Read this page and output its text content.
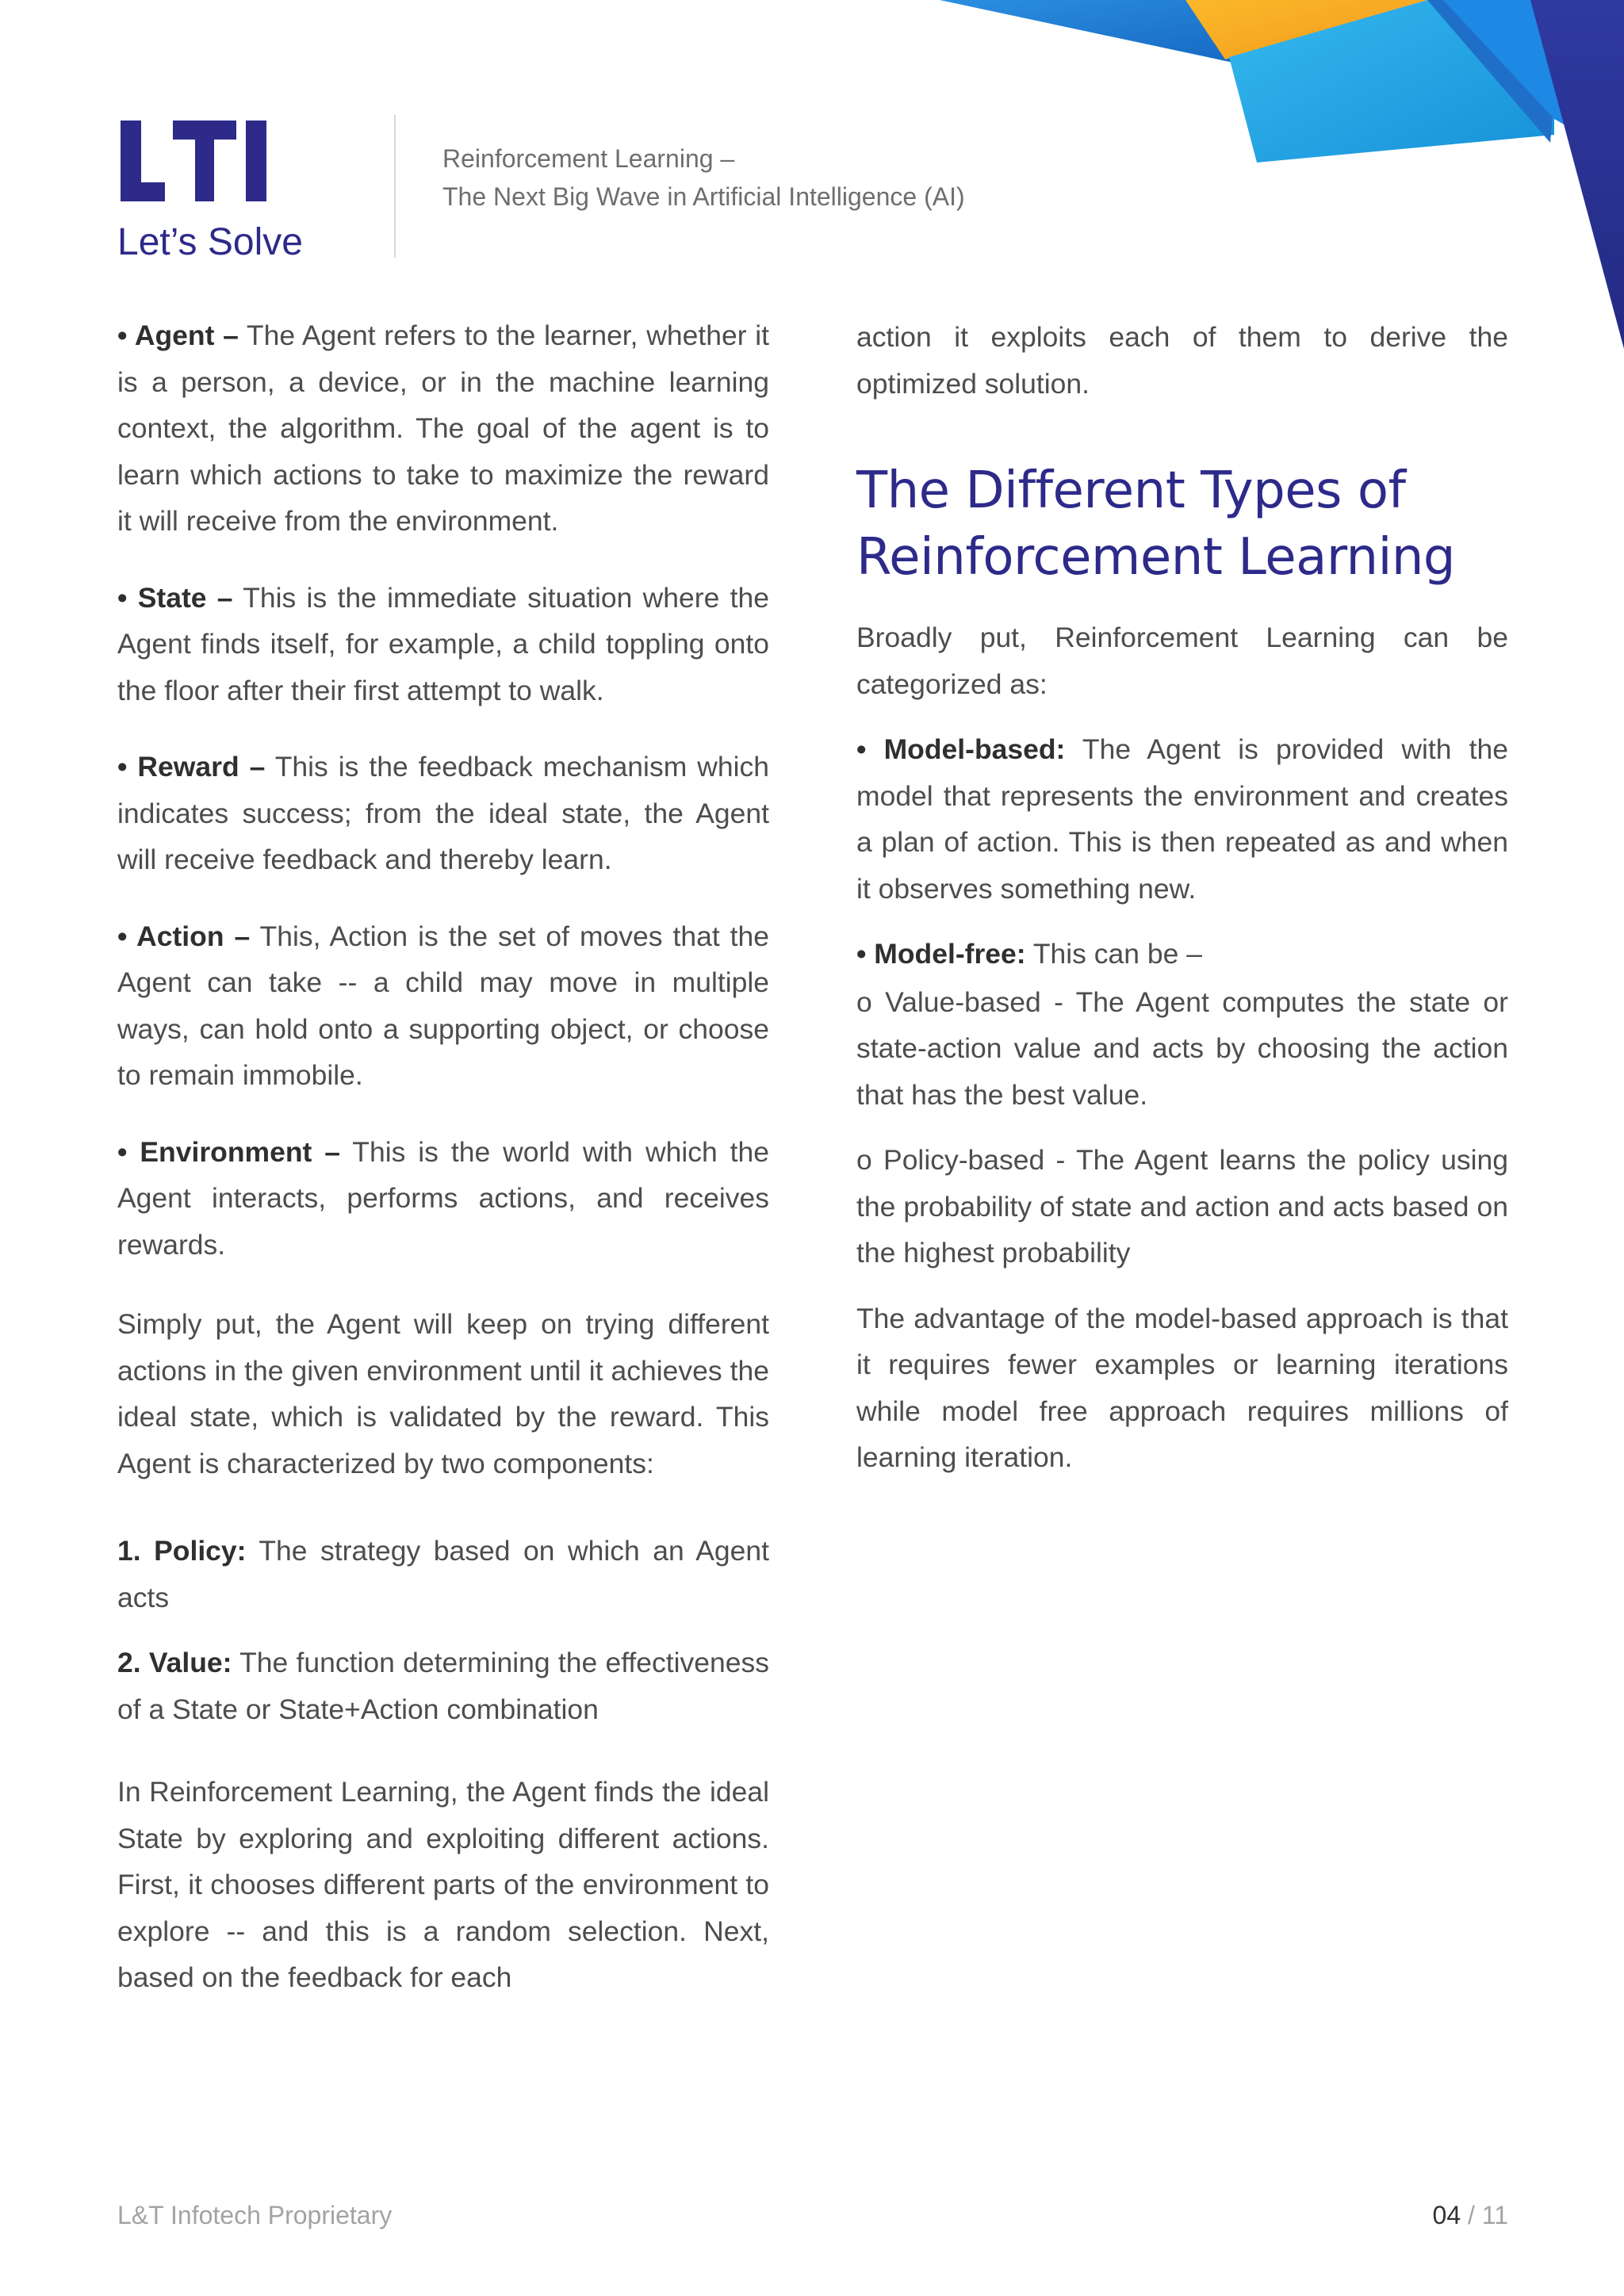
Let’s Solve
Reinforcement Learning –
The Next Big Wave in Artificial Intelligence (AI)

• Agent – The Agent refers to the learner, whether it is a person, a device, or in the machine learning context, the algorithm. The goal of the agent is to learn which actions to take to maximize the reward it will receive from the environment.

• State – This is the immediate situation where the Agent finds itself, for example, a child toppling onto the floor after their first attempt to walk.

• Reward – This is the feedback mechanism which indicates success; from the ideal state, the Agent will receive feedback and thereby learn.

• Action – This, Action is the set of moves that the Agent can take -- a child may move in multiple ways, can hold onto a supporting object, or choose to remain immobile.

• Environment – This is the world with which the Agent interacts, performs actions, and receives rewards.

Simply put, the Agent will keep on trying different actions in the given environment until it achieves the ideal state, which is validated by the reward. This Agent is characterized by two components:

1. Policy: The strategy based on which an Agent acts

2. Value: The function determining the effectiveness of a State or State+Action combination

In Reinforcement Learning, the Agent finds the ideal State by exploring and exploiting different actions. First, it chooses different parts of the environment to explore -- and this is a random selection. Next, based on the feedback for each

action it exploits each of them to derive the optimized solution.

The Different Types of
Reinforcement Learning

Broadly put, Reinforcement Learning can be categorized as:

• Model-based: The Agent is provided with the model that represents the environment and creates a plan of action. This is then repeated as and when it observes something new.

• Model-free: This can be –

o Value-based - The Agent computes the state or state-action value and acts by choosing the action that has the best value.

o Policy-based - The Agent learns the policy using the probability of state and action and acts based on the highest probability

The advantage of the model-based approach is that it requires fewer examples or learning iterations while model free approach requires millions of learning iteration.

L&T Infotech Proprietary	04 / 11
